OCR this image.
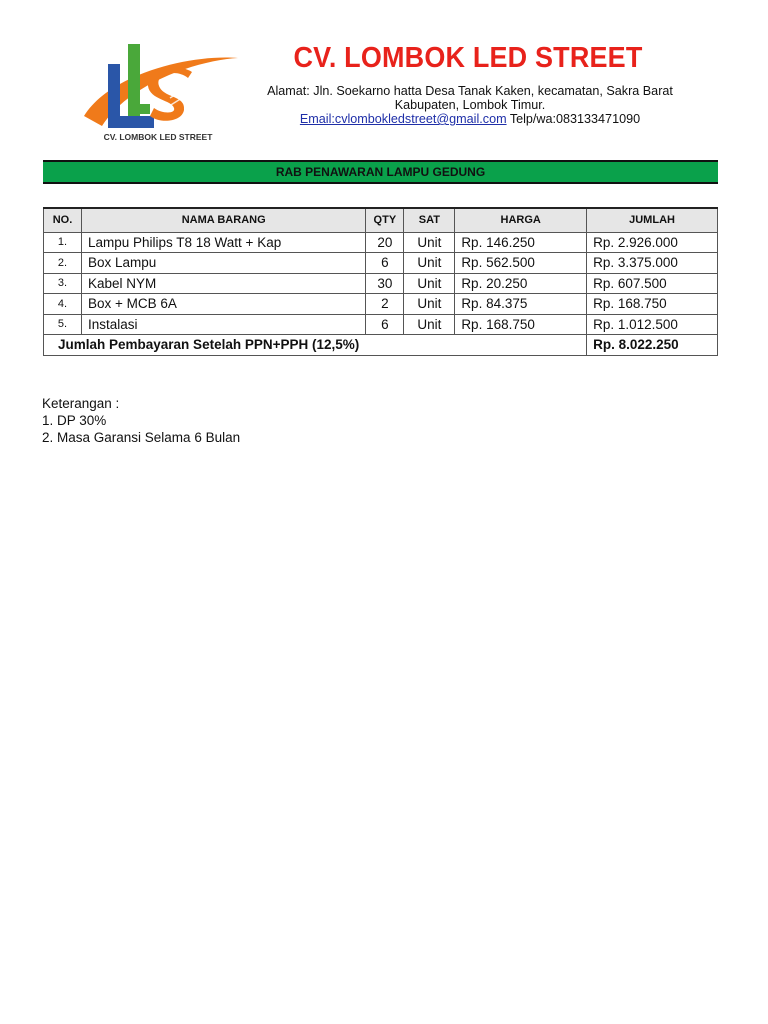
CV. LOMBOK LED STREET
CV. LOMBOK LED STREET
Alamat: Jln. Soekarno hatta Desa Tanak Kaken, kecamatan, Sakra Barat
Kabupaten, Lombok Timur.
Email:cvlombokledstreet@gmail.com Telp/wa:083133471090
RAB PENAWARAN LAMPU GEDUNG
NO.	NAMA BARANG	QTY	SAT	HARGA	JUMLAH
1.	Lampu Philips T8 18 Watt + Kap	20	Unit	Rp. 146.250	Rp. 2.926.000
2.	Box Lampu	6	Unit	Rp. 562.500	Rp. 3.375.000
3.	Kabel NYM	30	Unit	Rp. 20.250	Rp. 607.500
4.	Box + MCB 6A	2	Unit	Rp. 84.375	Rp. 168.750
5.	Instalasi	6	Unit	Rp. 168.750	Rp. 1.012.500
Jumlah Pembayaran Setelah PPN+PPH (12,5%)					Rp. 8.022.250
Keterangan :
1. DP 30%
2. Masa Garansi Selama 6 Bulan
